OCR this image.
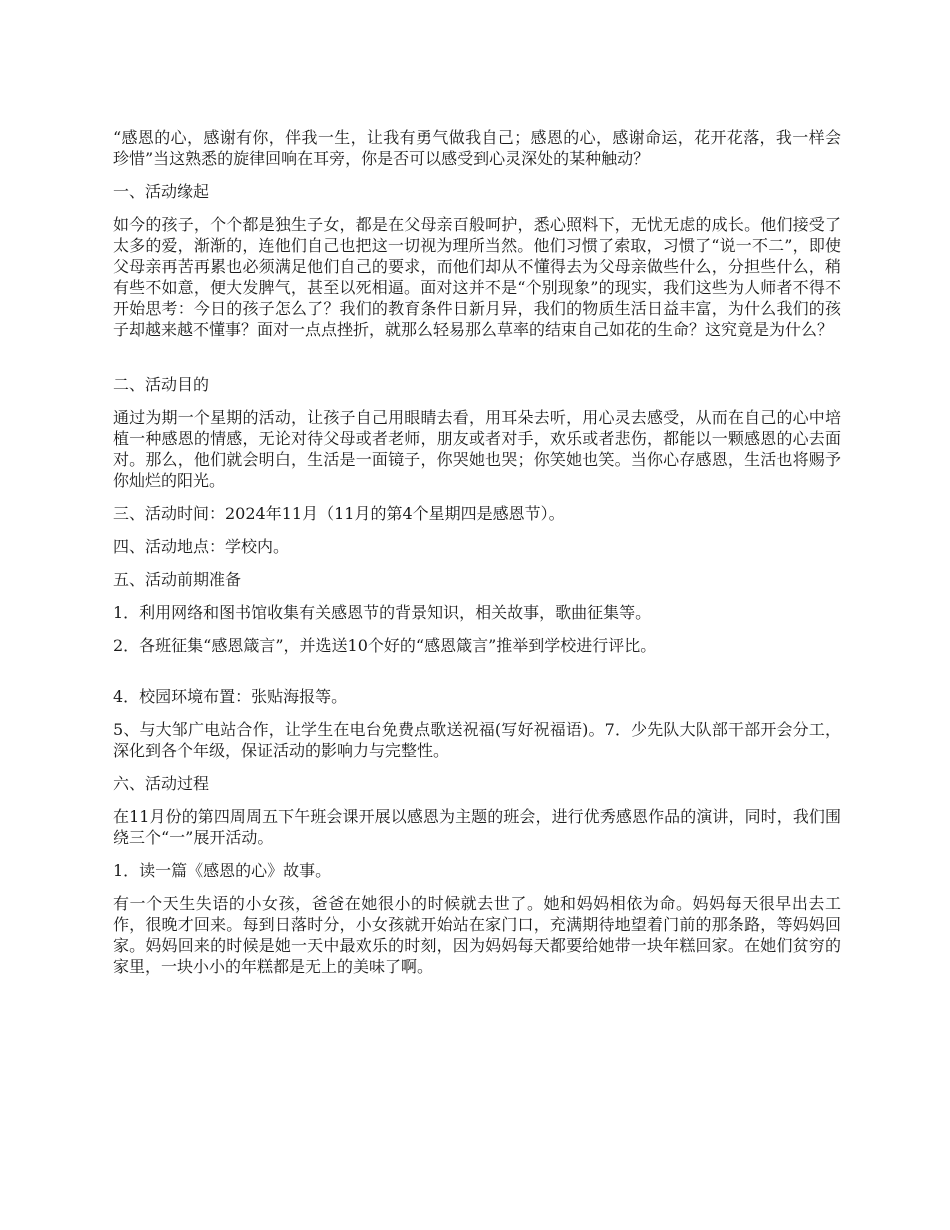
“感恩的心，感谢有你，伴我一生，让我有勇气做我自己；感恩的心，感谢命运，花开花落，我一样会珍惜”当这熟悉的旋律回响在耳旁，你是否可以感受到心灵深处的某种触动？

一、活动缘起

如今的孩子，个个都是独生子女，都是在父母亲百般呵护，悉心照料下，无忧无虑的成长。他们接受了太多的爱，渐渐的，连他们自己也把这一切视为理所当然。他们习惯了索取，习惯了“说一不二”，即使父母亲再苦再累也必须满足他们自己的要求，而他们却从不懂得去为父母亲做些什么，分担些什么，稍有些不如意，便大发脾气，甚至以死相逼。面对这并不是“个别现象”的现实，我们这些为人师者不得不开始思考：今日的孩子怎么了？我们的教育条件日新月异，我们的物质生活日益丰富，为什么我们的孩子却越来越不懂事？面对一点点挫折，就那么轻易那么草率的结束自己如花的生命？这究竟是为什么？

二、活动目的

通过为期一个星期的活动，让孩子自己用眼睛去看，用耳朵去听，用心灵去感受，从而在自己的心中培植一种感恩的情感，无论对待父母或者老师，朋友或者对手，欢乐或者悲伤，都能以一颗感恩的心去面对。那么，他们就会明白，生活是一面镜子，你哭她也哭；你笑她也笑。当你心存感恩，生活也将赐予你灿烂的阳光。

三、活动时间：2024年11月（11月的第4个星期四是感恩节）。

四、活动地点：学校内。

五、活动前期准备

1．利用网络和图书馆收集有关感恩节的背景知识，相关故事，歌曲征集等。

2．各班征集“感恩箴言”，并选送10个好的“感恩箴言”推举到学校进行评比。

4．校园环境布置：张贴海报等。

5、与大邹广电站合作，让学生在电台免费点歌送祝福(写好祝福语)。7．少先队大队部干部开会分工，深化到各个年级，保证活动的影响力与完整性。

六、活动过程

在11月份的第四周周五下午班会课开展以感恩为主题的班会，进行优秀感恩作品的演讲，同时，我们围绕三个“一”展开活动。

1．读一篇《感恩的心》故事。

有一个天生失语的小女孩，爸爸在她很小的时候就去世了。她和妈妈相依为命。妈妈每天很早出去工作，很晚才回来。每到日落时分，小女孩就开始站在家门口，充满期待地望着门前的那条路，等妈妈回家。妈妈回来的时候是她一天中最欢乐的时刻，因为妈妈每天都要给她带一块年糕回家。在她们贫穷的家里，一块小小的年糕都是无上的美味了啊。
